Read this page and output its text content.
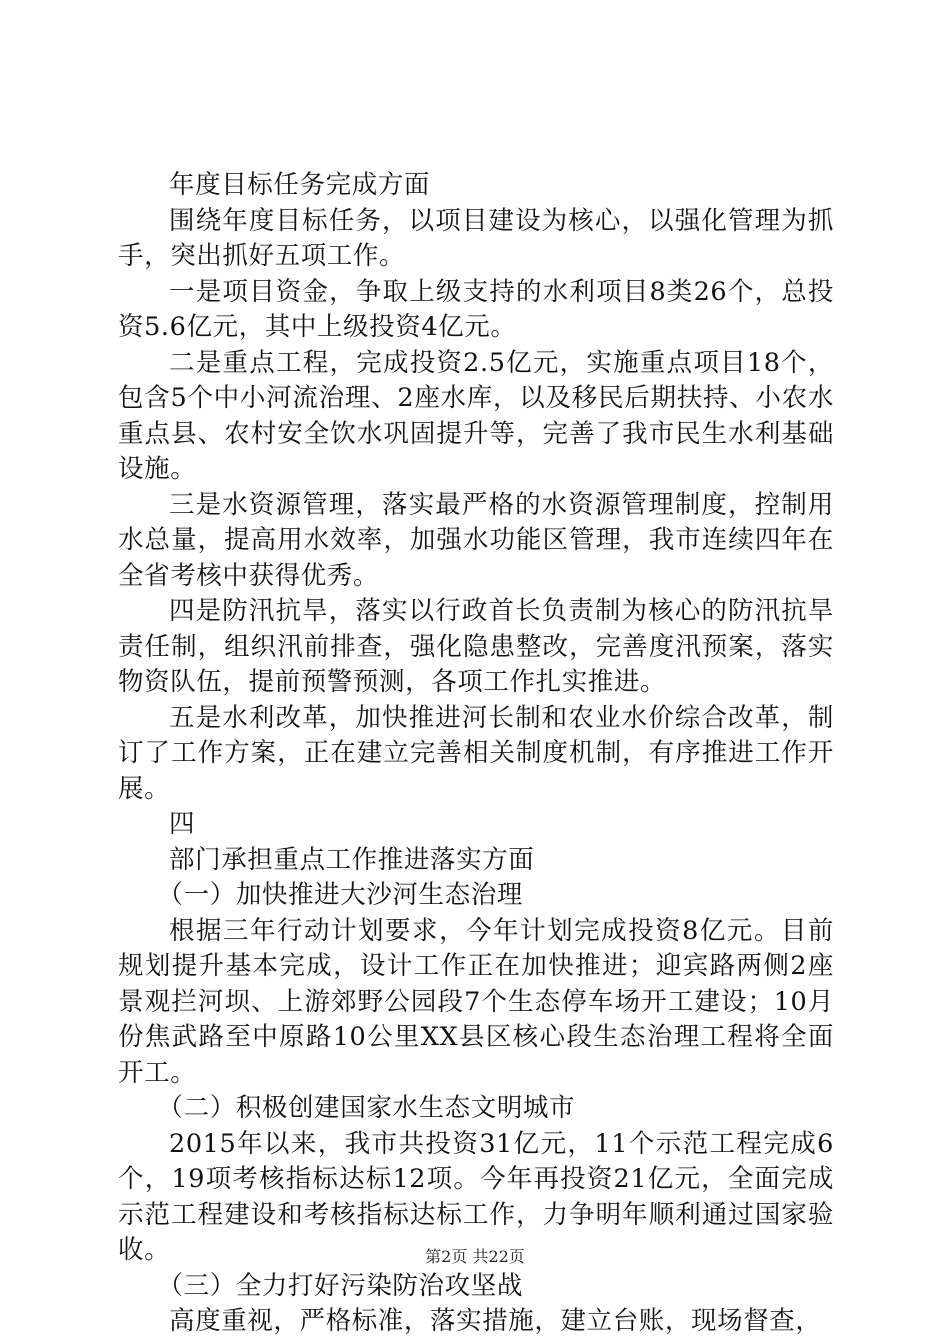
年度目标任务完成方面

围绕年度目标任务，以项目建设为核心，以强化管理为抓手，突出抓好五项工作。

一是项目资金，争取上级支持的水利项目8类26个，总投资5.6亿元，其中上级投资4亿元。

二是重点工程，完成投资2.5亿元，实施重点项目18个，包含5个中小河流治理、2座水库，以及移民后期扶持、小农水重点县、农村安全饮水巩固提升等，完善了我市民生水利基础设施。

三是水资源管理，落实最严格的水资源管理制度，控制用水总量，提高用水效率，加强水功能区管理，我市连续四年在全省考核中获得优秀。

四是防汛抗旱，落实以行政首长负责制为核心的防汛抗旱责任制，组织汛前排查，强化隐患整改，完善度汛预案，落实物资队伍，提前预警预测，各项工作扎实推进。

五是水利改革，加快推进河长制和农业水价综合改革，制订了工作方案，正在建立完善相关制度机制，有序推进工作开展。

四

部门承担重点工作推进落实方面

（一）加快推进大沙河生态治理

根据三年行动计划要求，今年计划完成投资8亿元。目前规划提升基本完成，设计工作正在加快推进；迎宾路两侧2座景观拦河坝、上游郊野公园段7个生态停车场开工建设；10月份焦武路至中原路10公里XX县区核心段生态治理工程将全面开工。

（二）积极创建国家水生态文明城市

2015年以来，我市共投资31亿元，11个示范工程完成6个，19项考核指标达标12项。今年再投资21亿元，全面完成示范工程建设和考核指标达标工作，力争明年顺利通过国家验收。

（三）全力打好污染防治攻坚战

高度重视，严格标准，落实措施，建立台账，现场督查，

第2页 共22页
